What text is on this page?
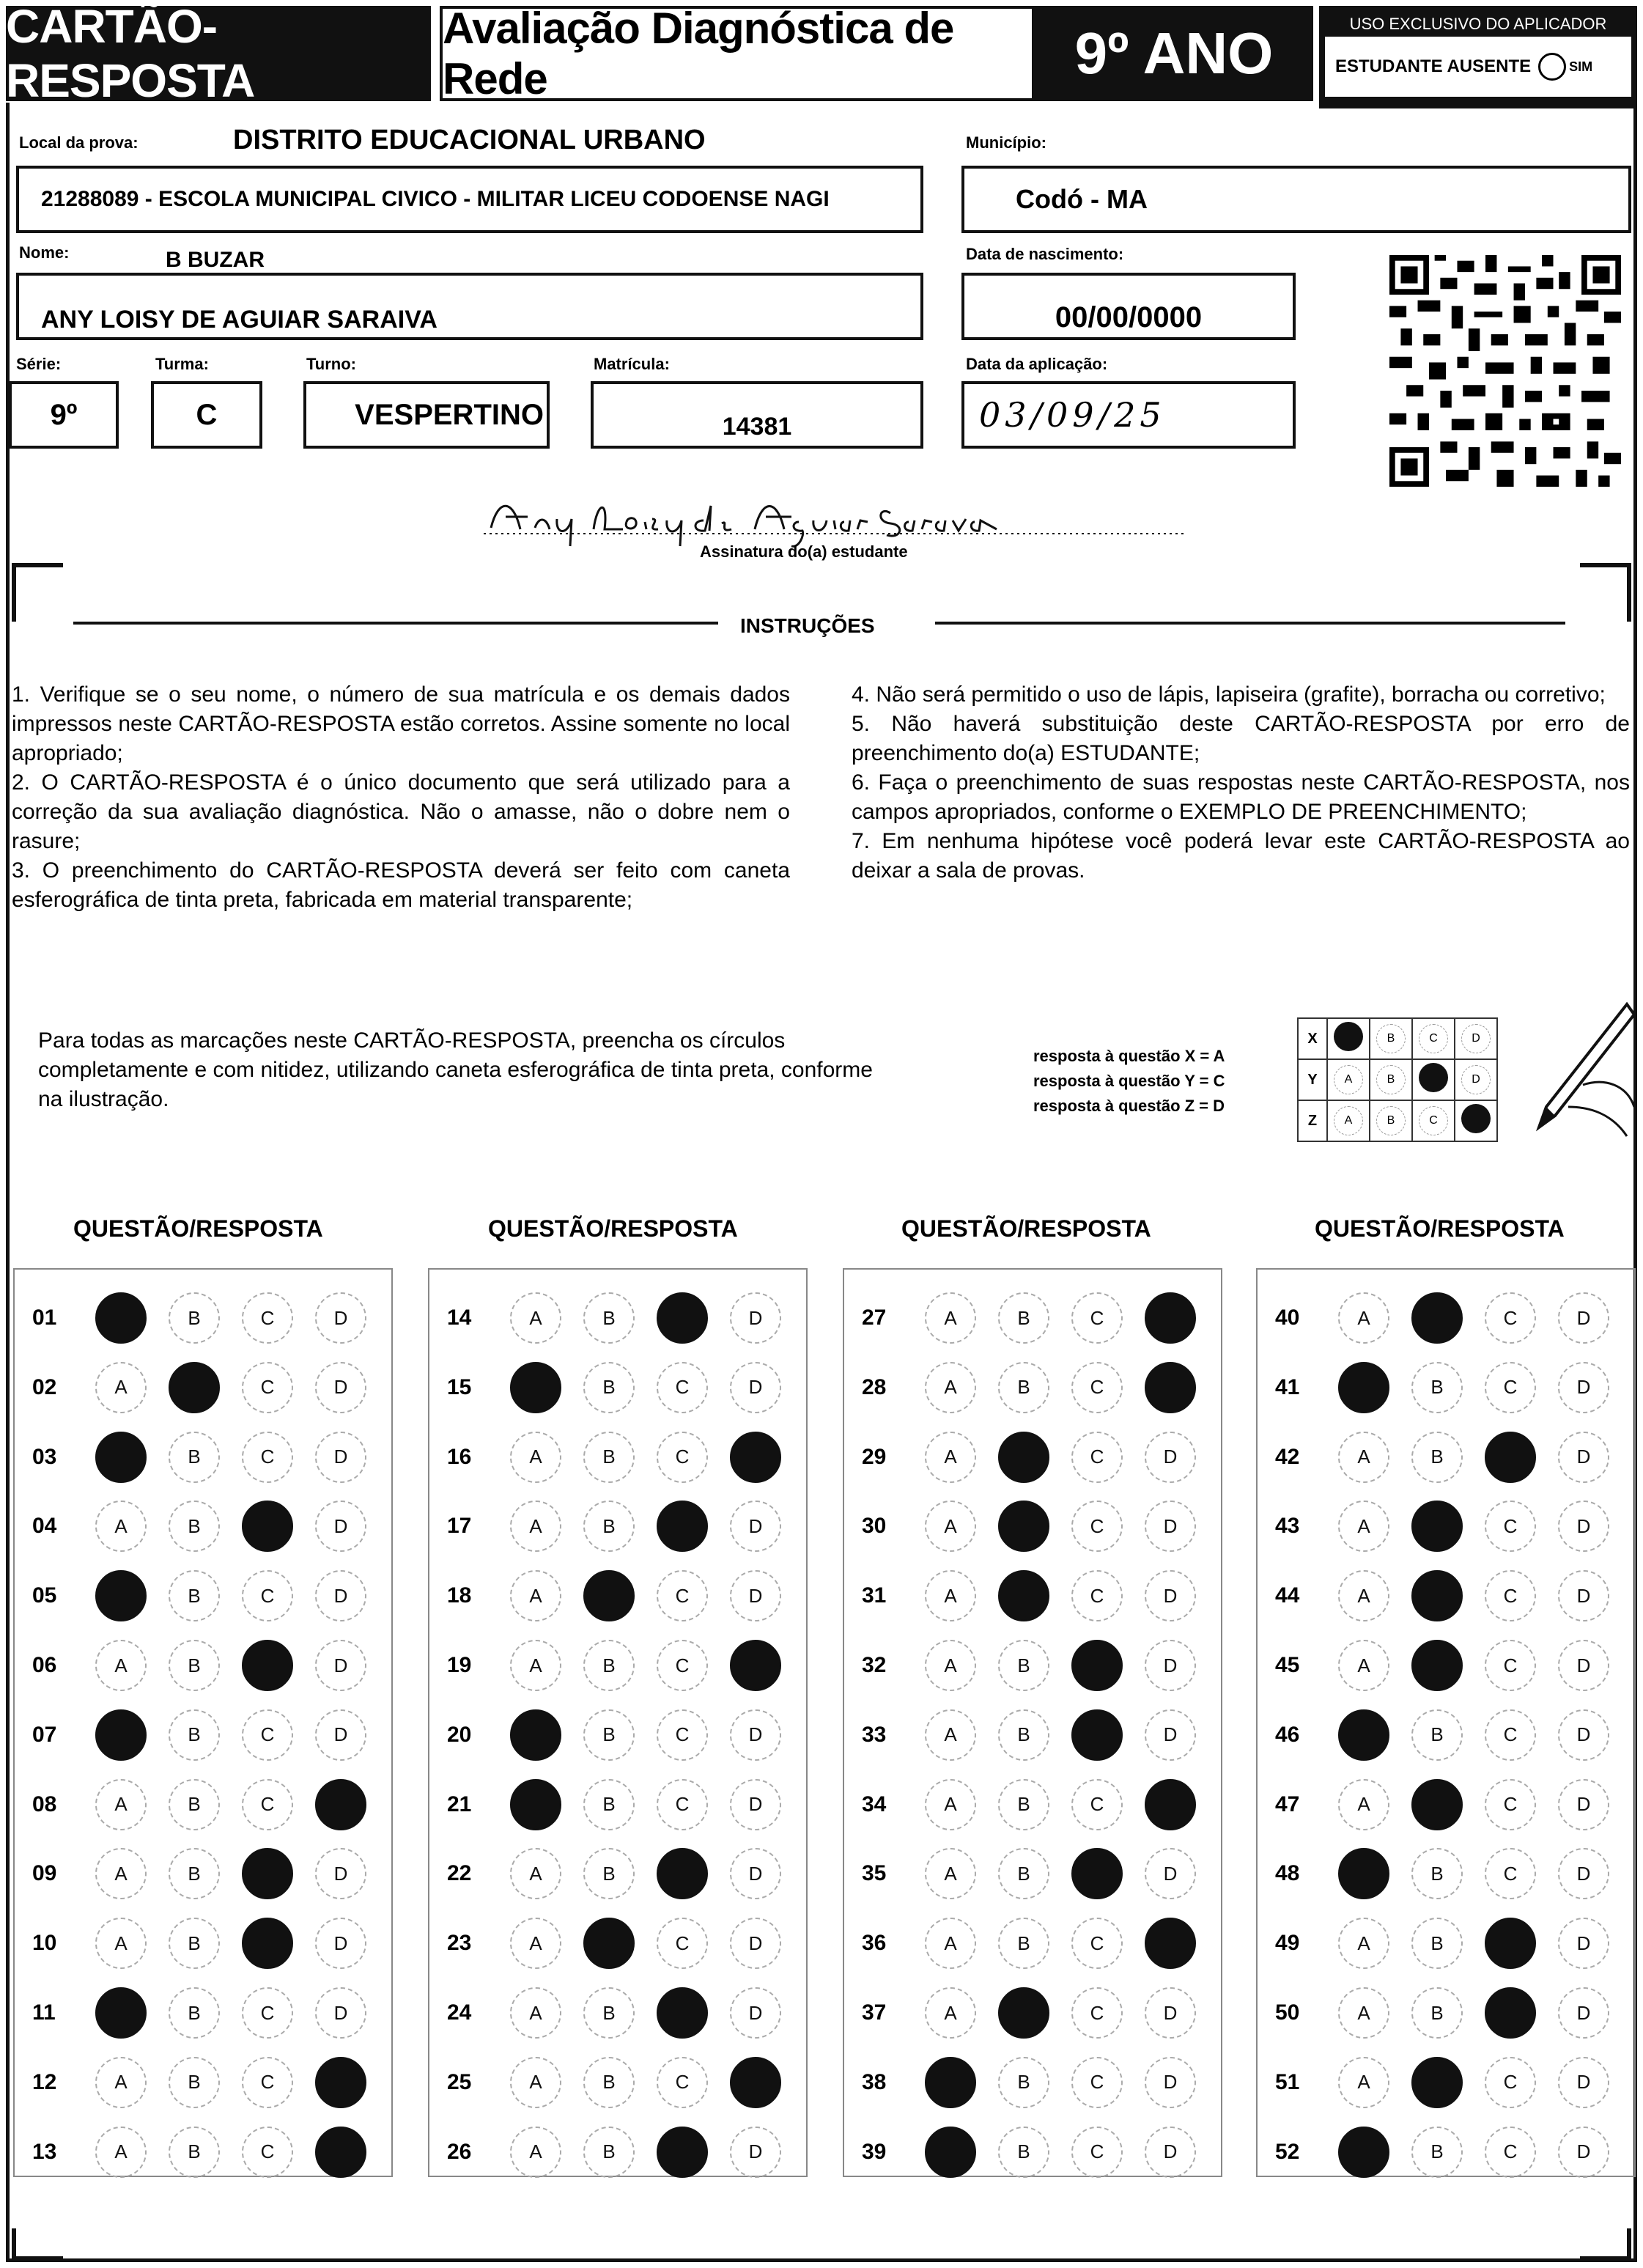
CARTÃO-RESPOSTA
Avaliação Diagnóstica de Rede	9º ANO	USO EXCLUSIVO DO APLICADOR
ESTUDANTE AUSENTE	SIM
Local da prova:	DISTRITO EDUCACIONAL URBANO
21288089 - ESCOLA MUNICIPAL CIVICO - MILITAR LICEU CODOENSE NAGI
Município:
Codó - MA
Nome:	B BUZAR
ANY LOISY DE AGUIAR SARAIVA
Data de nascimento:
00/00/0000
Série:
9º
Turma:
C
Turno:
VESPERTINO
Matrícula:
14381
Data da aplicação:
03/09/25
Assinatura do(a) estudante
INSTRUÇÕES

1. Verifique se o seu nome, o número de sua matrícula e os demais dados impressos neste CARTÃO-RESPOSTA estão corretos. Assine somente no local apropriado;

2. O CARTÃO-RESPOSTA é o único documento que será utilizado para a correção da sua avaliação diagnóstica. Não o amasse, não o dobre nem o rasure;

3. O preenchimento do CARTÃO-RESPOSTA deverá ser feito com caneta esferográfica de tinta preta, fabricada em material transparente;

4. Não será permitido o uso de lápis, lapiseira (grafite), borracha ou corretivo;

5. Não haverá substituição deste CARTÃO-RESPOSTA por erro de preenchimento do(a) ESTUDANTE;

6. Faça o preenchimento de suas respostas neste CARTÃO-RESPOSTA, nos campos apropriados, conforme o EXEMPLO DE PREENCHIMENTO;

7. Em nenhuma hipótese você poderá levar este CARTÃO-RESPOSTA ao deixar a sala de provas.

Para todas as marcações neste CARTÃO-RESPOSTA, preencha os círculos completamente e com nitidez, utilizando caneta esferográfica de tinta preta, conforme na ilustração.
resposta à questão X = A
resposta à questão Y = C
resposta à questão Z = D
X		B	C	D
Y	A	B		D
Z	A	B	C	
QUESTÃO/RESPOSTA
01	B	C	D
02	A	C	D
03	B	C	D
04	A	B	D
05	B	C	D
06	A	B	D
07	B	C	D
08	A	B	C
09	A	B	D
10	A	B	D
11	B	C	D
12	A	B	C
13	A	B	C
QUESTÃO/RESPOSTA
14	A	B	D
15	B	C	D
16	A	B	C
17	A	B	D
18	A	C	D
19	A	B	C
20	B	C	D
21	B	C	D
22	A	B	D
23	A	C	D
24	A	B	D
25	A	B	C
26	A	B	D
QUESTÃO/RESPOSTA
27	A	B	C
28	A	B	C
29	A	C	D
30	A	C	D
31	A	C	D
32	A	B	D
33	A	B	D
34	A	B	C
35	A	B	D
36	A	B	C
37	A	C	D
38	B	C	D
39	B	C	D
QUESTÃO/RESPOSTA
40	A	C	D
41	B	C	D
42	A	B	D
43	A	C	D
44	A	C	D
45	A	C	D
46	B	C	D
47	A	C	D
48	B	C	D
49	A	B	D
50	A	B	D
51	A	C	D
52	B	C	D
